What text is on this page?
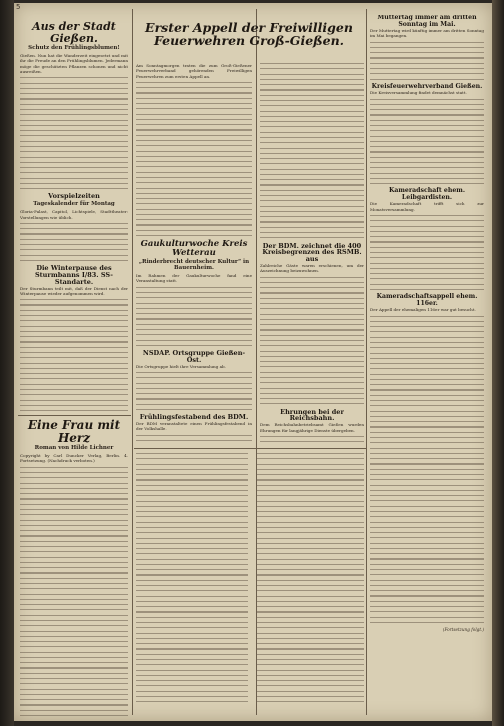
Aus der Stadt Gießen.
Schutz den Frühlingsblumen!

Gießen. Nun hat die Wanderzeit eingesetzt und mit ihr die Freude an den Frühlingsblumen. Jedermann möge die geschützten Pflanzen schonen und nicht ausreißen.

Vorspielzeiten
Tageskalender für Montag

Gloria-Palast, Capitol, Lichtspiele, Stadttheater: Vorstellungen wie üblich.

Die Winterpause des Sturmbanns I/83. SS-Standarte.

Der Sturmbann teilt mit, daß der Dienst nach der Winterpause wieder aufgenommen wird.

Eine Frau mit Herz
Roman von Hilde Lichner

Copyright by Carl Duncker Verlag, Berlin. 4. Fortsetzung. (Nachdruck verboten.)

Erster Appell der Freiwilligen Feuerwehren Groß-Gießen.

Am Sonntagmorgen traten die zum Groß-Gießener Feuerwehrverband gehörenden Freiwilligen Feuerwehren zum ersten Appell an.

Gaukulturwoche Kreis Wetterau
„Rinderbrecht deutscher Kultur“ in Bauernheim.

Im Rahmen der Gaukulturwoche fand eine Veranstaltung statt.

NSDAP. Ortsgruppe Gießen-Ost.

Die Ortsgruppe hielt ihre Versammlung ab.

Frühlingsfestabend des BDM.

Der BDM veranstaltete einen Frühlingsfestabend in der Volkshalle.

Der BDM. zeichnet die 400 Kreisbegrenzen des RSMB. aus

Zahlreiche Gäste waren erschienen, um der Auszeichnung beizuwohnen.

Ehrungen bei der Reichsbahn.

Dem Reichsbahnbetriebsamt Gießen wurden Ehrungen für langjährige Dienste übergeben.

Muttertag immer am dritten Sonntag im Mai.

Der Muttertag wird künftig immer am dritten Sonntag im Mai begangen.

Kreisfeuerwehrverband Gießen.

Die Kreisversammlung findet demnächst statt.

Kameradschaft ehem. Leibgardisten.

Die Kameradschaft trifft sich zur Monatsversammlung.

Kameradschaftsappell ehem. 116er.

Der Appell der ehemaligen 116er war gut besucht.

(Fortsetzung folgt.)
5
